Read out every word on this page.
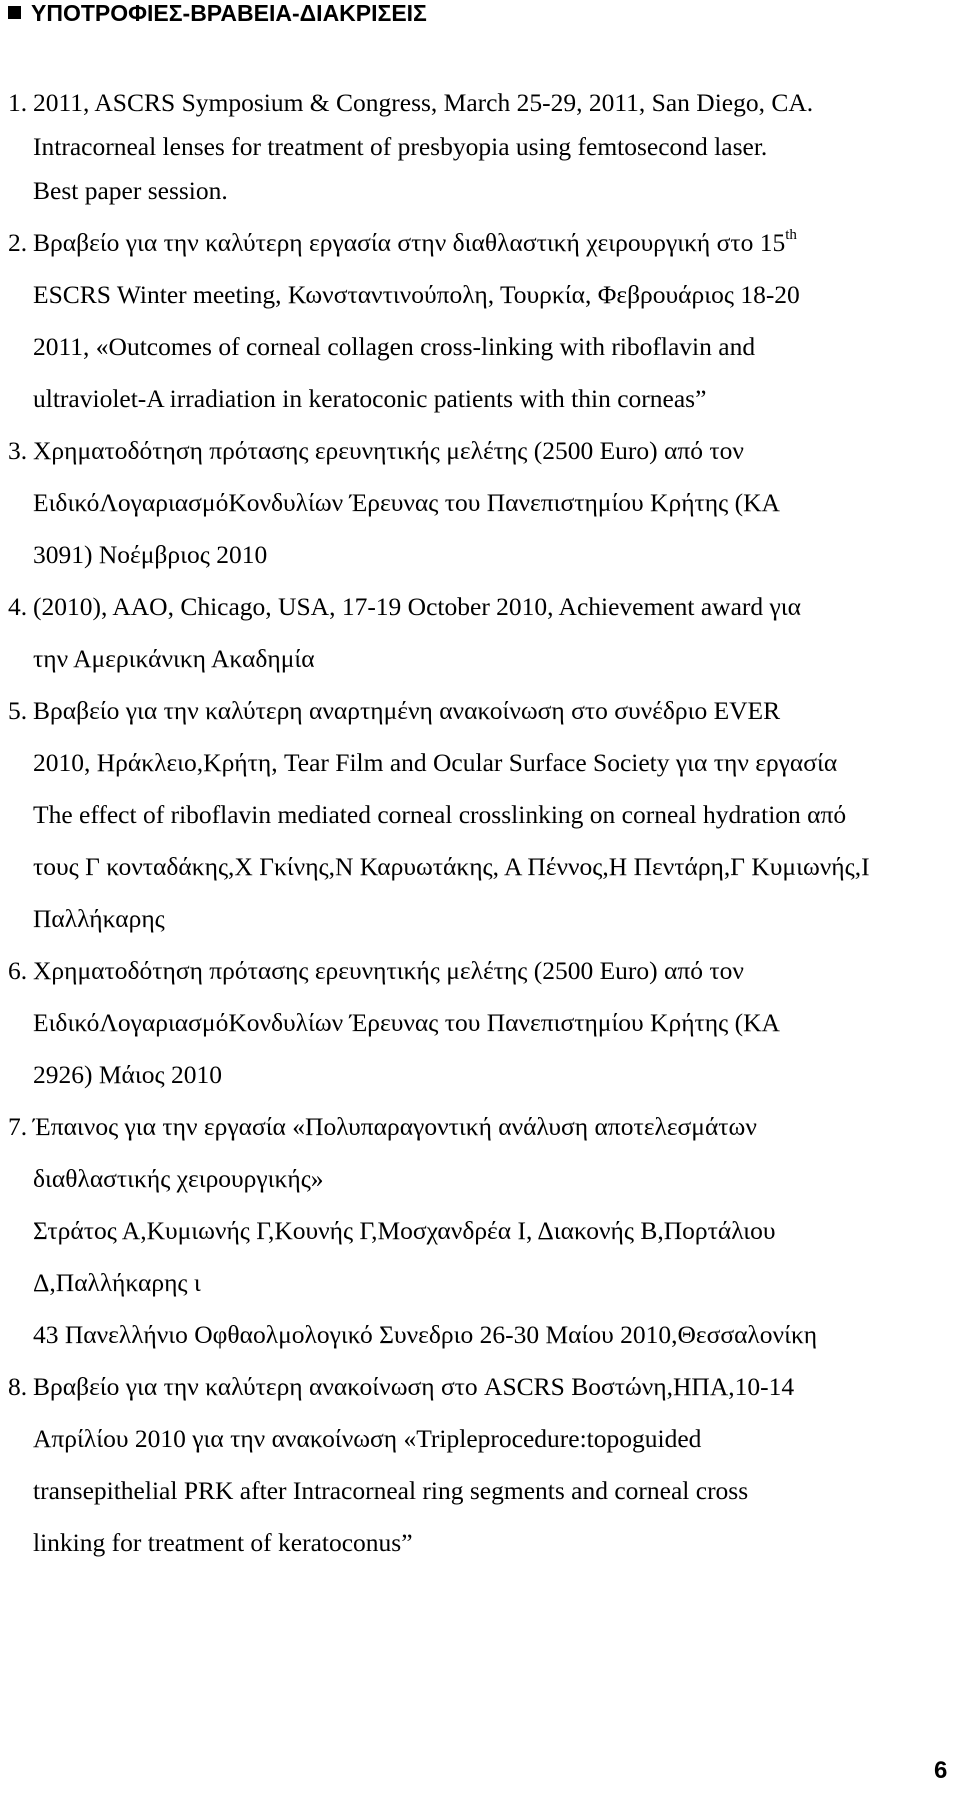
ΥΠΟΤΡΟΦΙΕΣ-ΒΡΑΒΕΙΑ-ΔΙΑΚΡΙΣΕΙΣ
1. 2011, ASCRS Symposium & Congress, March 25-29, 2011, San Diego, CA.
Intracorneal lenses for treatment of presbyopia using femtosecond laser.
Best paper session.
2. Βραβείο για την καλύτερη εργασία στην διαθλαστική χειρουργική στο 15th
ESCRS Winter meeting, Κωνσταντινούπολη, Τουρκία, Φεβρουάριος 18-20
2011, «Outcomes of corneal collagen cross-linking with riboflavin and
ultraviolet-A irradiation in keratoconic patients with thin corneas”
3. Χρηματοδότηση πρότασης ερευνητικής μελέτης (2500 Euro) από τον
ΕιδικόΛογαριασμόΚονδυλίων Έρευνας του Πανεπιστημίου Κρήτης (ΚΑ
3091) Νοέμβριος 2010
4. (2010), AAO, Chicago, USA, 17-19 October 2010, Achievement award για
την Αμερικάνικη Ακαδημία
5. Βραβείο για την καλύτερη αναρτημένη ανακοίνωση στο συνέδριο EVER
2010, Ηράκλειο,Κρήτη, Tear Film and Ocular Surface Society για την εργασία
The effect of riboflavin mediated corneal crosslinking on corneal hydration από
τους Γ κονταδάκης,Χ Γκίνης,Ν Καρυωτάκης, Α Πέννος,Η Πεντάρη,Γ Κυμιωνής,Ι
Παλλήκαρης
6. Χρηματοδότηση πρότασης ερευνητικής μελέτης (2500 Euro) από τον
ΕιδικόΛογαριασμόΚονδυλίων Έρευνας του Πανεπιστημίου Κρήτης (ΚΑ
2926) Μάιος 2010
7. Έπαινος για την εργασία «Πολυπαραγοντική ανάλυση αποτελεσμάτων
διαθλαστικής χειρουργικής»
Στράτος Α,Κυμιωνής Γ,Κουνής Γ,Μοσχανδρέα Ι, Διακονής Β,Πορτάλιου
Δ,Παλλήκαρης ι
43 Πανελλήνιο Οφθαολμολογικό Συνεδριο 26-30 Μαίου 2010,Θεσσαλονίκη
8. Βραβείο για την καλύτερη ανακοίνωση στο ASCRS Βοστώνη,ΗΠΑ,10-14
Απρίλίου 2010 για την ανακοίνωση «Tripleprocedure:topoguided
transepithelial PRK after Intracorneal ring segments and corneal cross
linking for treatment of keratoconus”
6
